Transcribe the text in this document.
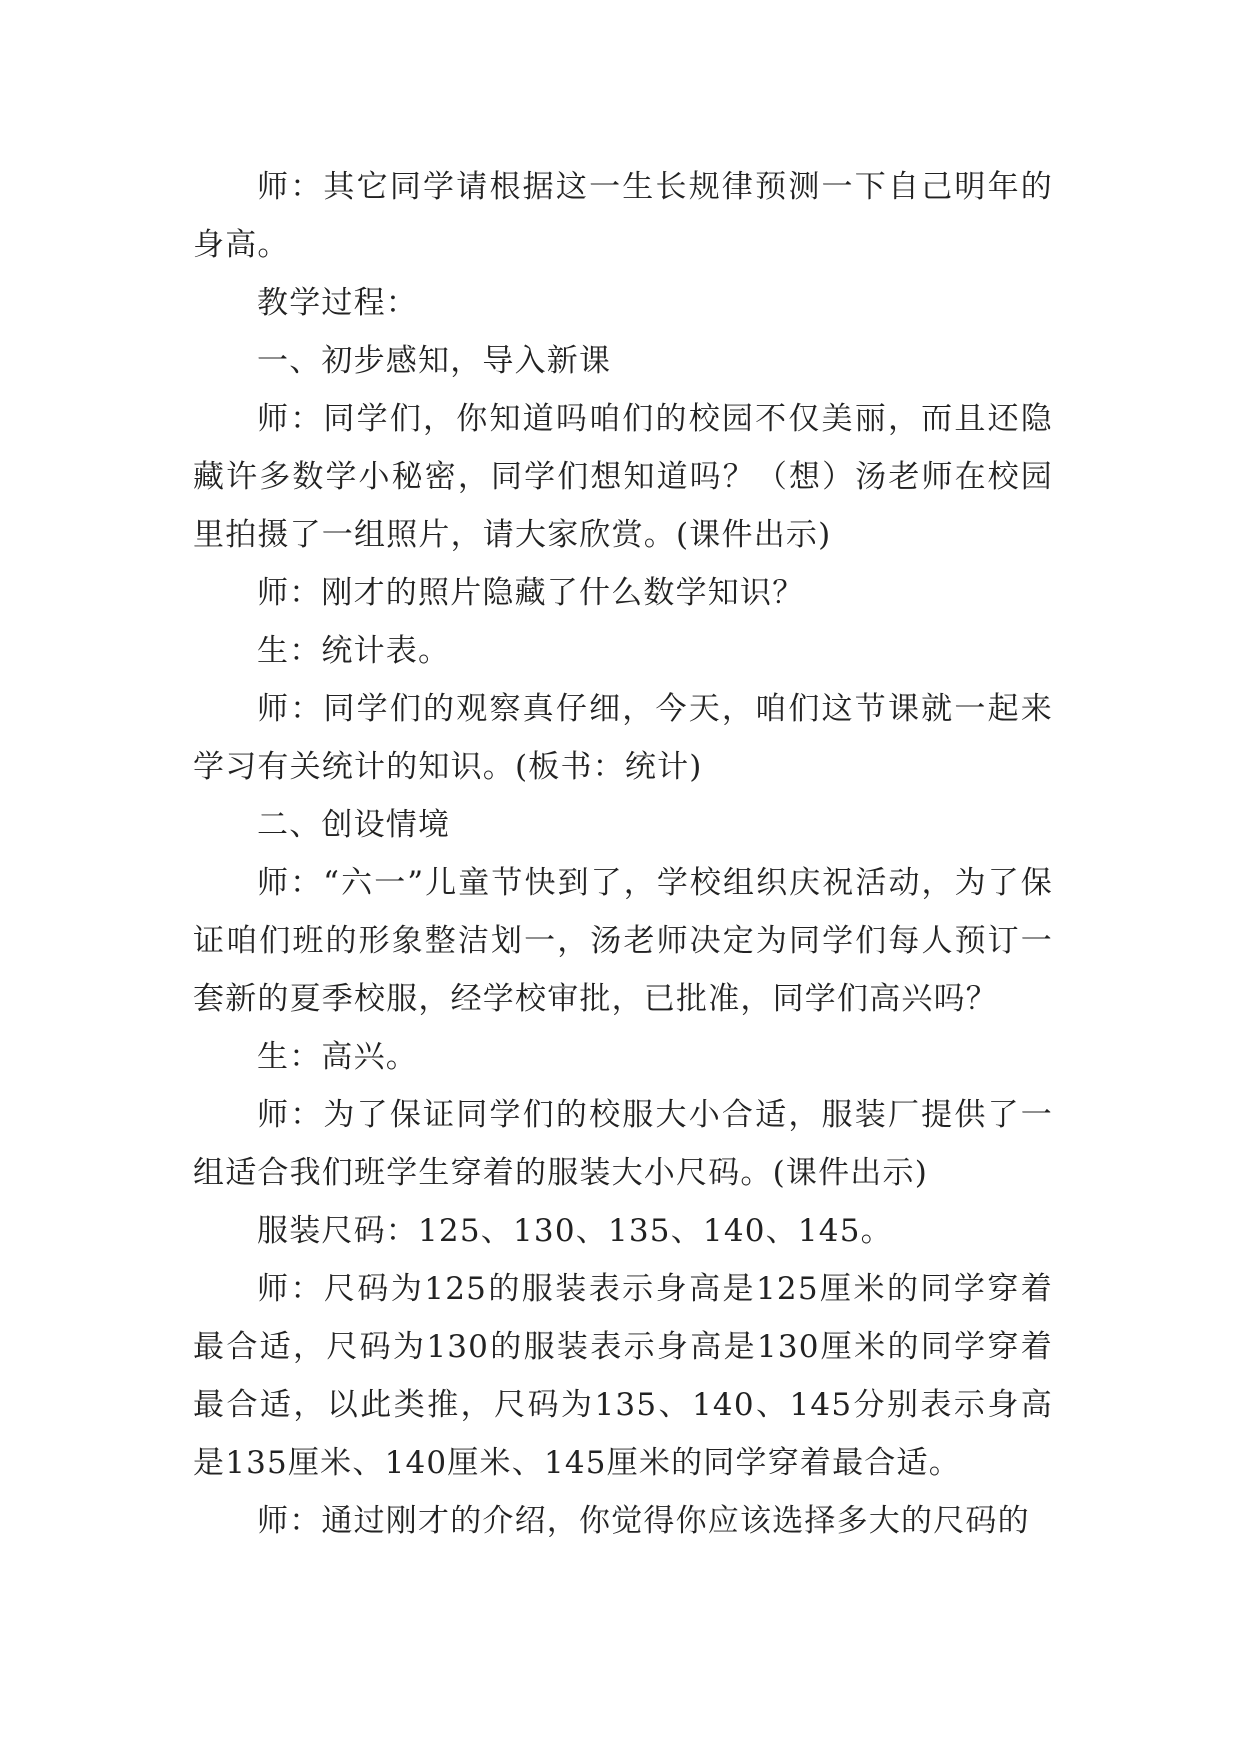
师：其它同学请根据这一生长规律预测一下自己明年的身高。

教学过程：

一、初步感知，导入新课

师：同学们，你知道吗咱们的校园不仅美丽，而且还隐藏许多数学小秘密，同学们想知道吗？（想）汤老师在校园里拍摄了一组照片，请大家欣赏。(课件出示)

师：刚才的照片隐藏了什么数学知识？

生：统计表。

师：同学们的观察真仔细，今天，咱们这节课就一起来学习有关统计的知识。(板书：统计)

二、创设情境

师：“六一”儿童节快到了，学校组织庆祝活动，为了保证咱们班的形象整洁划一，汤老师决定为同学们每人预订一套新的夏季校服，经学校审批，已批准，同学们高兴吗？

生：高兴。

师：为了保证同学们的校服大小合适，服装厂提供了一组适合我们班学生穿着的服装大小尺码。(课件出示)

服装尺码：125、130、135、140、145。

师：尺码为125的服装表示身高是125厘米的同学穿着最合适，尺码为130的服装表示身高是130厘米的同学穿着最合适，以此类推，尺码为135、140、145分别表示身高是135厘米、140厘米、145厘米的同学穿着最合适。

师：通过刚才的介绍，你觉得你应该选择多大的尺码的
